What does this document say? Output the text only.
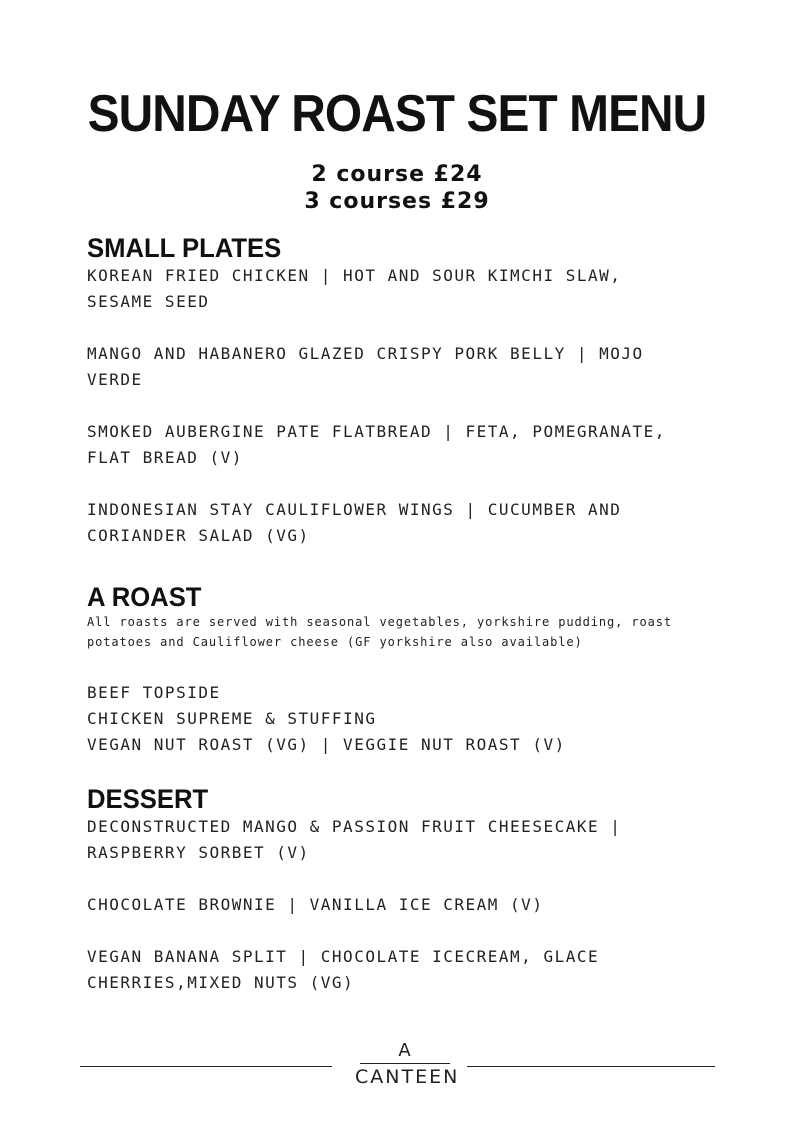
SUNDAY ROAST SET MENU

2 course £24

3 courses £29

SMALL PLATES

KOREAN FRIED CHICKEN | HOT AND SOUR KIMCHI SLAW, SESAME SEED

MANGO AND HABANERO GLAZED CRISPY PORK BELLY | MOJO VERDE

SMOKED AUBERGINE PATE FLATBREAD | FETA, POMEGRANATE, FLAT BREAD (V)

INDONESIAN STAY CAULIFLOWER WINGS | CUCUMBER AND CORIANDER SALAD (VG)

A ROAST

All roasts are served with seasonal vegetables, yorkshire pudding, roast potatoes and Cauliflower cheese (GF yorkshire also available)

BEEF TOPSIDE

CHICKEN SUPREME & STUFFING

VEGAN NUT ROAST (VG) | VEGGIE NUT ROAST (V)

DESSERT

DECONSTRUCTED MANGO & PASSION FRUIT CHEESECAKE | RASPBERRY SORBET (V)

CHOCOLATE BROWNIE | VANILLA ICE CREAM (V)

VEGAN BANANA SPLIT | CHOCOLATE ICECREAM, GLACE CHERRIES,MIXED NUTS (VG)

A
CANTEEN
